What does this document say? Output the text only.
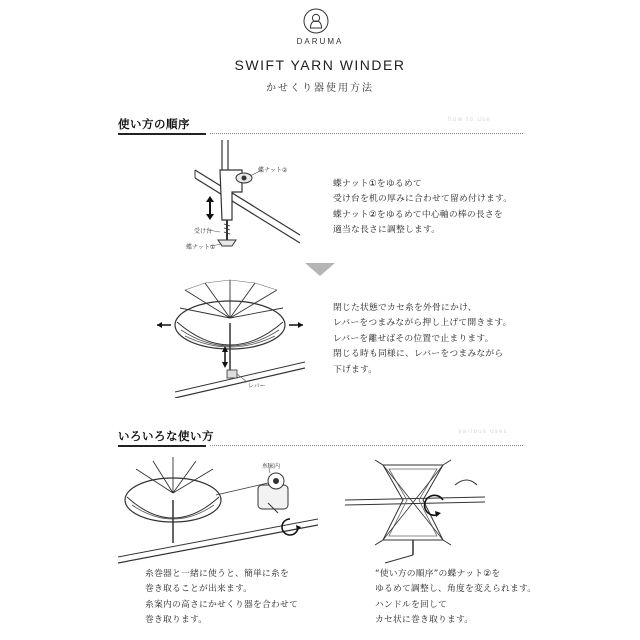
DARUMA
SWIFT YARN WINDER
かせくり器使用方法
使い方の順序	how to use
蝶ナット②
受け台
蝶ナット①
蝶ナット①をゆるめて
受け台を机の厚みに合わせて留め付けます。
蝶ナット②をゆるめて中心軸の棒の長さを
適当な長さに調整します。
レバー
閉じた状態でカセ糸を外骨にかけ、
レバーをつまみながら押し上げて開きます。
レバーを離せばその位置で止まります。
閉じる時も同様に、レバーをつまみながら
下げます。
いろいろな使い方	various uses
糸案内
糸巻器と一緒に使うと、簡単に糸を
巻き取ることが出来ます。
糸案内の高さにかせくり器を合わせて
巻き取ります。
“使い方の順序”の蝶ナット②を
ゆるめて調整し、角度を変えられます。
ハンドルを回して
カセ状に巻き取ります。
